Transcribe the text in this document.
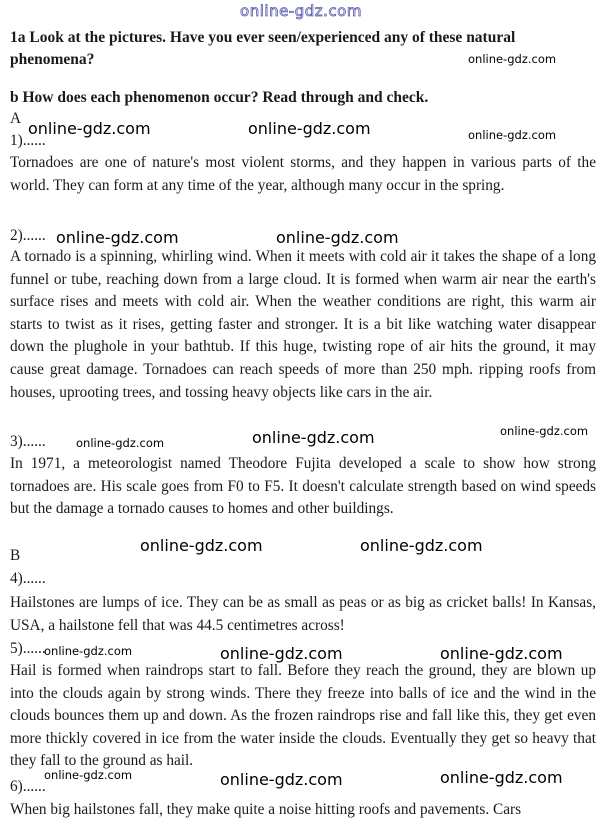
online-gdz.com
1a Look at the pictures. Have you ever seen/experienced any of these natural phenomena?
b How does each phenomenon occur? Read through and check.
A
1)......
Tornadoes are one of nature's most violent storms, and they happen in various parts of the world. They can form at any time of the year, although many occur in the spring.
2)......
A tornado is a spinning, whirling wind. When it meets with cold air it takes the shape of a long funnel or tube, reaching down from a large cloud. It is formed when warm air near the earth's surface rises and meets with cold air. When the weather conditions are right, this warm air starts to twist as it rises, getting faster and stronger. It is a bit like watching water disappear down the plughole in your bathtub. If this huge, twisting rope of air hits the ground, it may cause great damage. Tornadoes can reach speeds of more than 250 mph. ripping roofs from houses, uprooting trees, and tossing heavy objects like cars in the air.
3)......
In 1971, a meteorologist named Theodore Fujita developed a scale to show how strong tornadoes are. His scale goes from F0 to F5. It doesn't calculate strength based on wind speeds but the damage a tornado causes to homes and other buildings.
B
4)......
Hailstones are lumps of ice. They can be as small as peas or as big as cricket balls! In Kansas, USA, a hailstone fell that was 44.5 centimetres across!
5)......
Hail is formed when raindrops start to fall. Before they reach the ground, they are blown up into the clouds again by strong winds. There they freeze into balls of ice and the wind in the clouds bounces them up and down. As the frozen raindrops rise and fall like this, they get even more thickly covered in ice from the water inside the clouds. Eventually they get so heavy that they fall to the ground as hail.
6)......
When big hailstones fall, they make quite a noise hitting roofs and pavements. Cars
online-gdz.com
online-gdz.com	online-gdz.com	online-gdz.com
online-gdz.com	online-gdz.com
online-gdz.com	online-gdz.com	online-gdz.com
online-gdz.com	online-gdz.com
online-gdz.com	online-gdz.com	online-gdz.com
online-gdz.com	online-gdz.com	online-gdz.com
